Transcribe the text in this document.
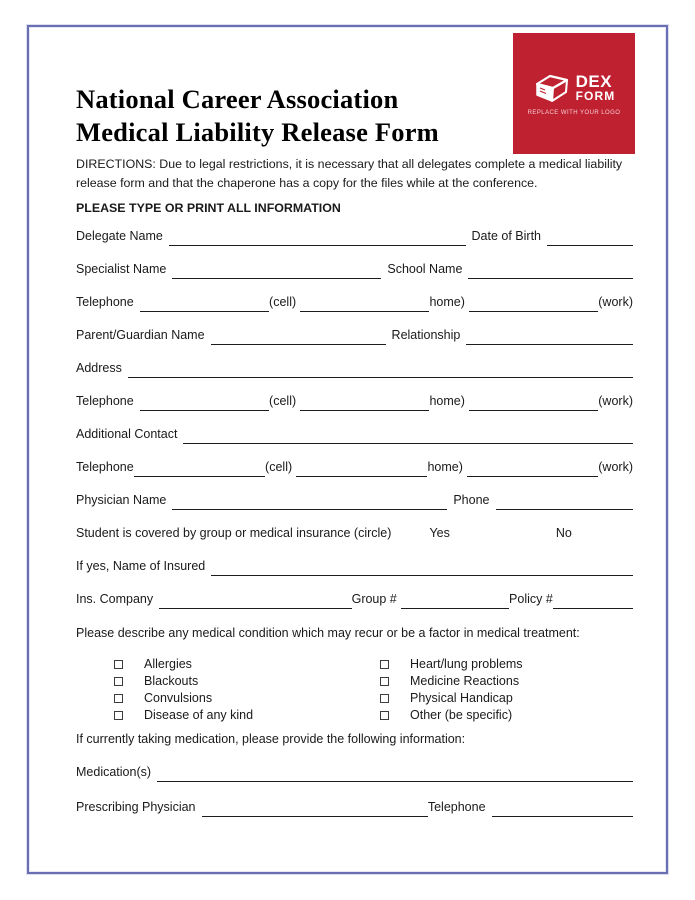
DEX
FORM
REPLACE WITH YOUR LOGO
National Career Association
Medical Liability Release Form

DIRECTIONS: Due to legal restrictions, it is necessary that all delegates complete a medical liability release form and that the chaperone has a copy for the files while at the conference.

PLEASE TYPE OR PRINT ALL INFORMATION

Delegate Name	Date of Birth
Specialist Name	School Name
Telephone	(cell)	home)	(work)
Parent/Guardian Name	Relationship
Address
Telephone	(cell)	home)	(work)
Additional Contact
Telephone	(cell)	home)	(work)
Physician Name	Phone
Student is covered by group or medical insurance (circle)	Yes	No
If yes, Name of Insured
Ins. Company	Group #	Policy #

Please describe any medical condition which may recur or be a factor in medical treatment:

Allergies	Heart/lung problems
Blackouts	Medicine Reactions
Convulsions	Physical Handicap
Disease of any kind	Other (be specific)

If currently taking medication, please provide the following information:

Medication(s)
Prescribing Physician	Telephone
